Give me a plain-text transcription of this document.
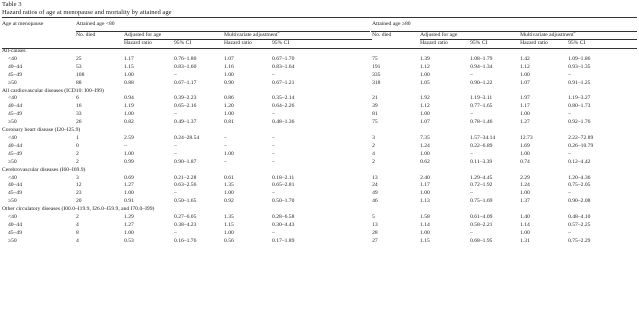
Table 3
Hazard ratios of age at menopause and mortality by attained age
Age at menopause	Attained age <80					Attained age ≥80				
	No. died	Adjusted for age		Multivariate adjustment$^a$		No. died	Adjusted for age		Multivariate adjustment$^a$
		Hazard ratio	95% CI	Hazard ratio	95% CI		Hazard ratio	95% CI	Hazard ratio	95% CI
All-causes										
<40	25	1.17	0.76–1.80	1.07	0.67–1.70	75	1.39	1.08–1.79	1.42	1.09–1.86
40–44	53	1.15	0.83–1.60	1.16	0.83–1.64	191	1.12	0.94–1.34	1.12	0.93–1.35
45–49	108	1.00	–	1.00	–	335	1.00	–	1.00	–
≥50	88	0.88	0.67–1.17	0.90	0.67–1.21	318	1.05	0.90–1.22	1.07	0.91–1.25
All cardiovascular diseases (ICD10: I00–I99)										
<40	6	0.94	0.39–2.23	0.86	0.35–2.14	21	1.92	1.19–3.11	1.97	1.19–3.27
40–44	16	1.19	0.65–2.16	1.20	0.64–2.26	39	1.12	0.77–1.65	1.17	0.80–1.73
45–49	33	1.00	–	1.00	–	81	1.00	–	1.00	–
≥50	26	0.82	0.49–1.37	0.81	0.48–1.36	75	1.07	0.78–1.46	1.27	0.92–1.76
Coronary heart disease (I20–I25.9)										
<40	1	2.59	0.24–28.54	–	–	3	7.35	1.57–34.14	12.73	2.22–72.89
40–44	0	–	–	–	–	2	1.24	0.22–6.89	1.69	0.26–10.79
45–49	2	1.00	–	1.00	–	4	1.00	–	1.00	–
≥50	2	0.99	0.90–1.87	–	–	2	0.62	0.11–3.39	0.74	0.12–4.42
Cerebrovascular diseases (I60–I69.9)										
<40	3	0.69	0.21–2.28	0.61	0.18–2.11	13	2.40	1.29–4.45	2.29	1.20–4.36
40–44	12	1.27	0.63–2.56	1.35	0.65–2.81	24	1.17	0.72–1.92	1.24	0.75–2.05
45–49	23	1.00	–	1.00	–	49	1.00	–	1.00	–
≥50	20	0.91	0.50–1.65	0.92	0.50–1.70	46	1.13	0.75–1.69	1.37	0.90–2.08
Other circulatory diseases (I00.0–I19.9, I26.0–I59.9, and I70.0–I99)										
<40	2	1.29	0.27–6.05	1.35	0.28–6.58	5	1.58	0.61–4.09	1.40	0.48–4.10
40–44	4	1.27	0.38–4.23	1.15	0.30–4.43	13	1.14	0.58–2.21	1.14	0.57–2.25
45–49	8	1.00	–	1.00	–	28	1.00	–	1.00	–
≥50	4	0.53	0.16–1.76	0.56	0.17–1.89	27	1.15	0.68–1.95	1.31	0.75–2.29
